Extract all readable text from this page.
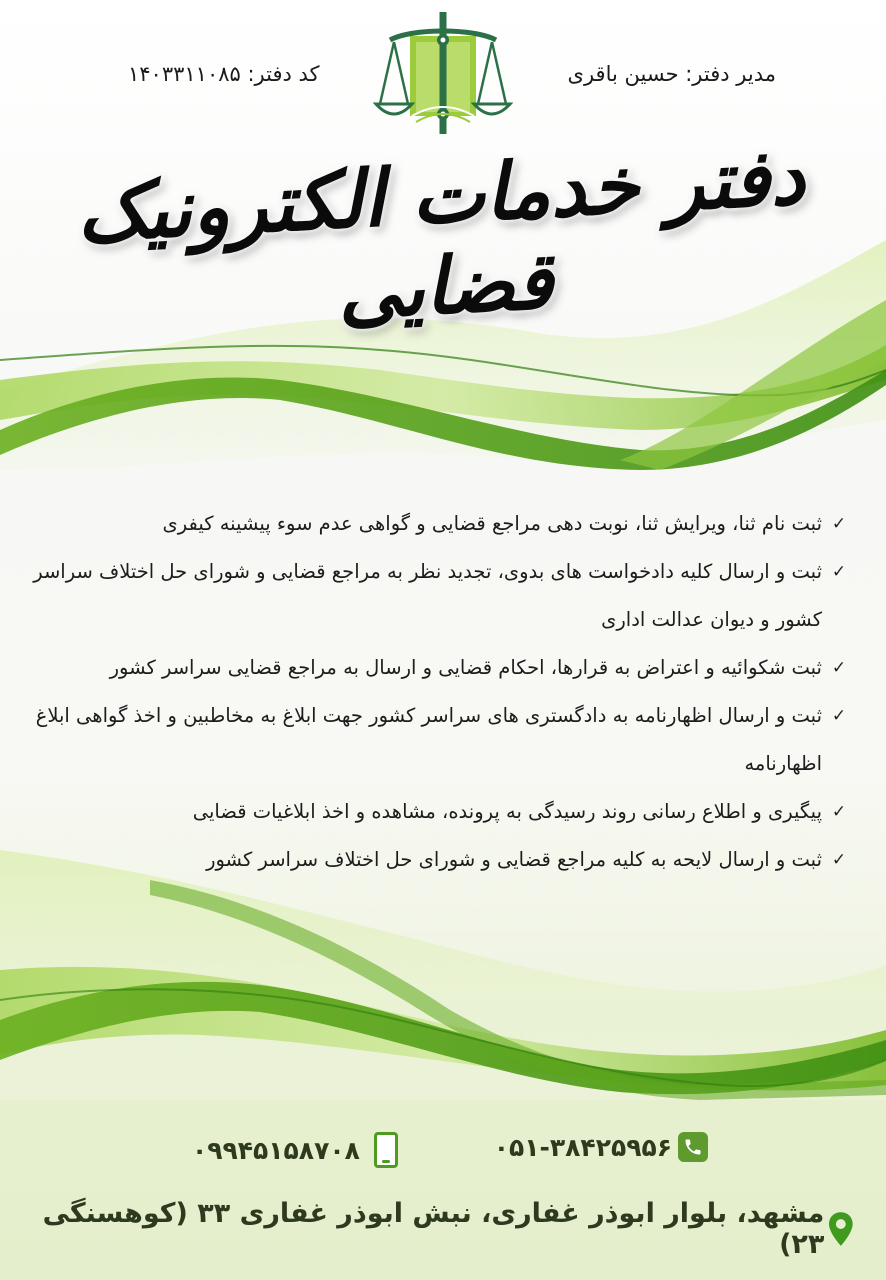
مدیر دفتر: حسین باقری
کد دفتر: ۱۴۰۳۳۱۱۰۸۵
دفتر خدمات الکترونیک قضایی
✓
ثبت نام ثنا، ویرایش ثنا، نوبت دهی مراجع قضایی و گواهی عدم سوء پیشینه کیفری
✓
ثبت و ارسال کلیه دادخواست های بدوی، تجدید نظر به مراجع قضایی و شورای حل اختلاف سراسر کشور و دیوان عدالت اداری
✓
ثبت شکوائیه و اعتراض به قرارها، احکام قضایی و ارسال به مراجع قضایی سراسر کشور
✓
ثبت و ارسال اظهارنامه به دادگستری های سراسر کشور جهت ابلاغ به مخاطبین و اخذ گواهی ابلاغ اظهارنامه
✓
پیگیری و اطلاع رسانی روند رسیدگی به پرونده، مشاهده و اخذ ابلاغیات قضایی
✓
ثبت و ارسال لایحه به کلیه مراجع قضایی و شورای حل اختلاف سراسر کشور
۰۵۱-۳۸۴۲۵۹۵۶
۰۹۹۴۵۱۵۸۷۰۸
مشهد، بلوار ابوذر غفاری، نبش ابوذر غفاری ۳۳ (کوهسنگی ۲۳)
